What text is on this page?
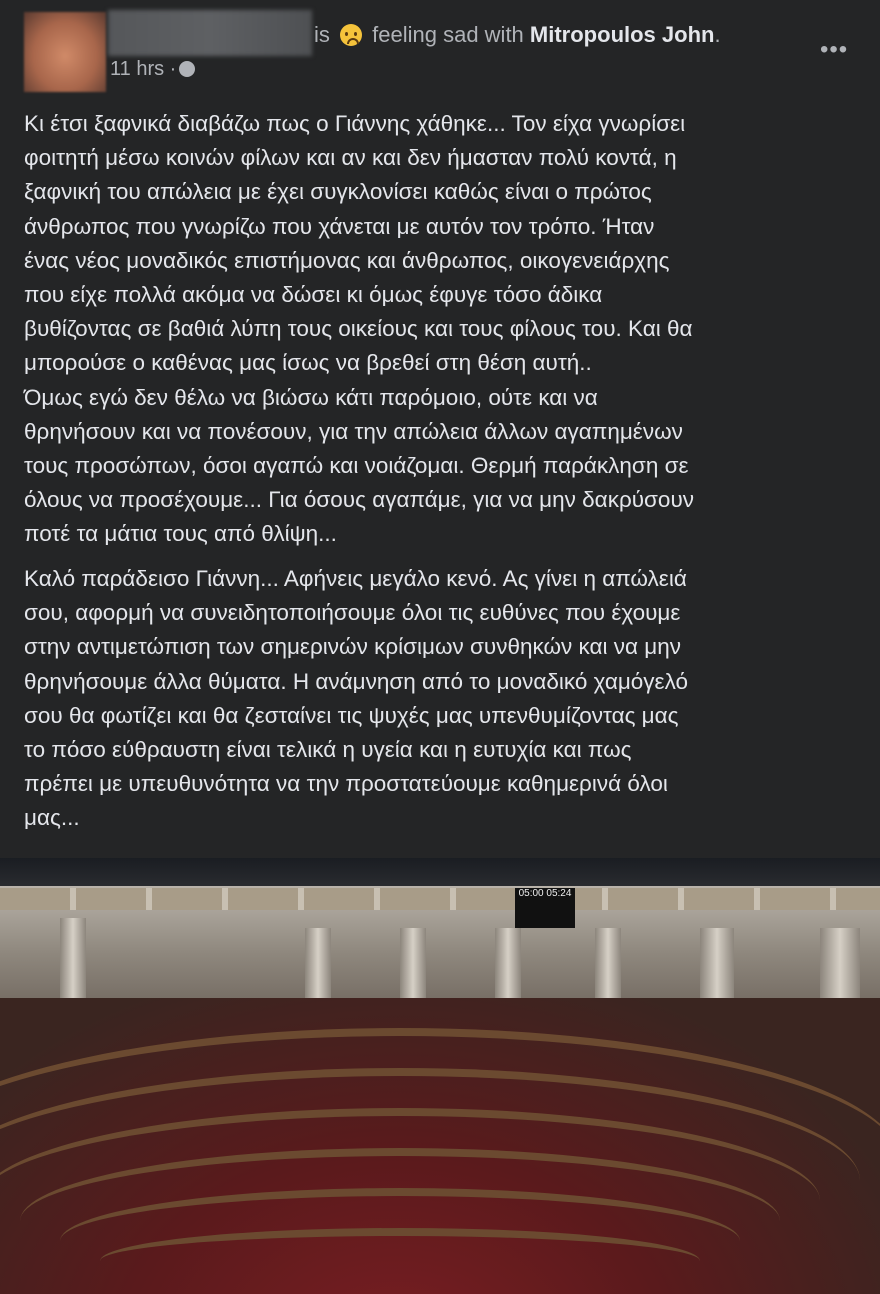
is feeling sad with Mitropoulos John.
11 hrs ·
•••
Κι έτσι ξαφνικά διαβάζω πως ο Γιάννης χάθηκε... Τον είχα γνωρίσει
φοιτητή μέσω κοινών φίλων και αν και δεν ήμασταν πολύ κοντά, η
ξαφνική του απώλεια με έχει συγκλονίσει καθώς είναι ο πρώτος
άνθρωπος που γνωρίζω που χάνεται με αυτόν τον τρόπο. Ήταν
ένας νέος μοναδικός επιστήμονας και άνθρωπος, οικογενειάρχης
που είχε πολλά ακόμα να δώσει κι όμως έφυγε τόσο άδικα
βυθίζοντας σε βαθιά λύπη τους οικείους και τους φίλους του. Και θα
μπορούσε ο καθένας μας ίσως να βρεθεί στη θέση αυτή..
Όμως εγώ δεν θέλω να βιώσω κάτι παρόμοιο, ούτε και να
θρηνήσουν και να πονέσουν, για την απώλεια άλλων αγαπημένων
τους προσώπων, όσοι αγαπώ και νοιάζομαι. Θερμή παράκληση σε
όλους να προσέχουμε... Για όσους αγαπάμε, για να μην δακρύσουν
ποτέ τα μάτια τους από θλίψη...
Καλό παράδεισο Γιάννη... Αφήνεις μεγάλο κενό. Ας γίνει η απώλειά
σου, αφορμή να συνειδητοποιήσουμε όλοι τις ευθύνες που έχουμε
στην αντιμετώπιση των σημερινών κρίσιμων συνθηκών και να μην
θρηνήσουμε άλλα θύματα. Η ανάμνηση από το μοναδικό χαμόγελό
σου θα φωτίζει και θα ζεσταίνει τις ψυχές μας υπενθυμίζοντας μας
το πόσο εύθραυστη είναι τελικά η υγεία και η ευτυχία και πως
πρέπει με υπευθυνότητα να την προστατεύουμε καθημερινά όλοι
μας...
05:00 05:24
